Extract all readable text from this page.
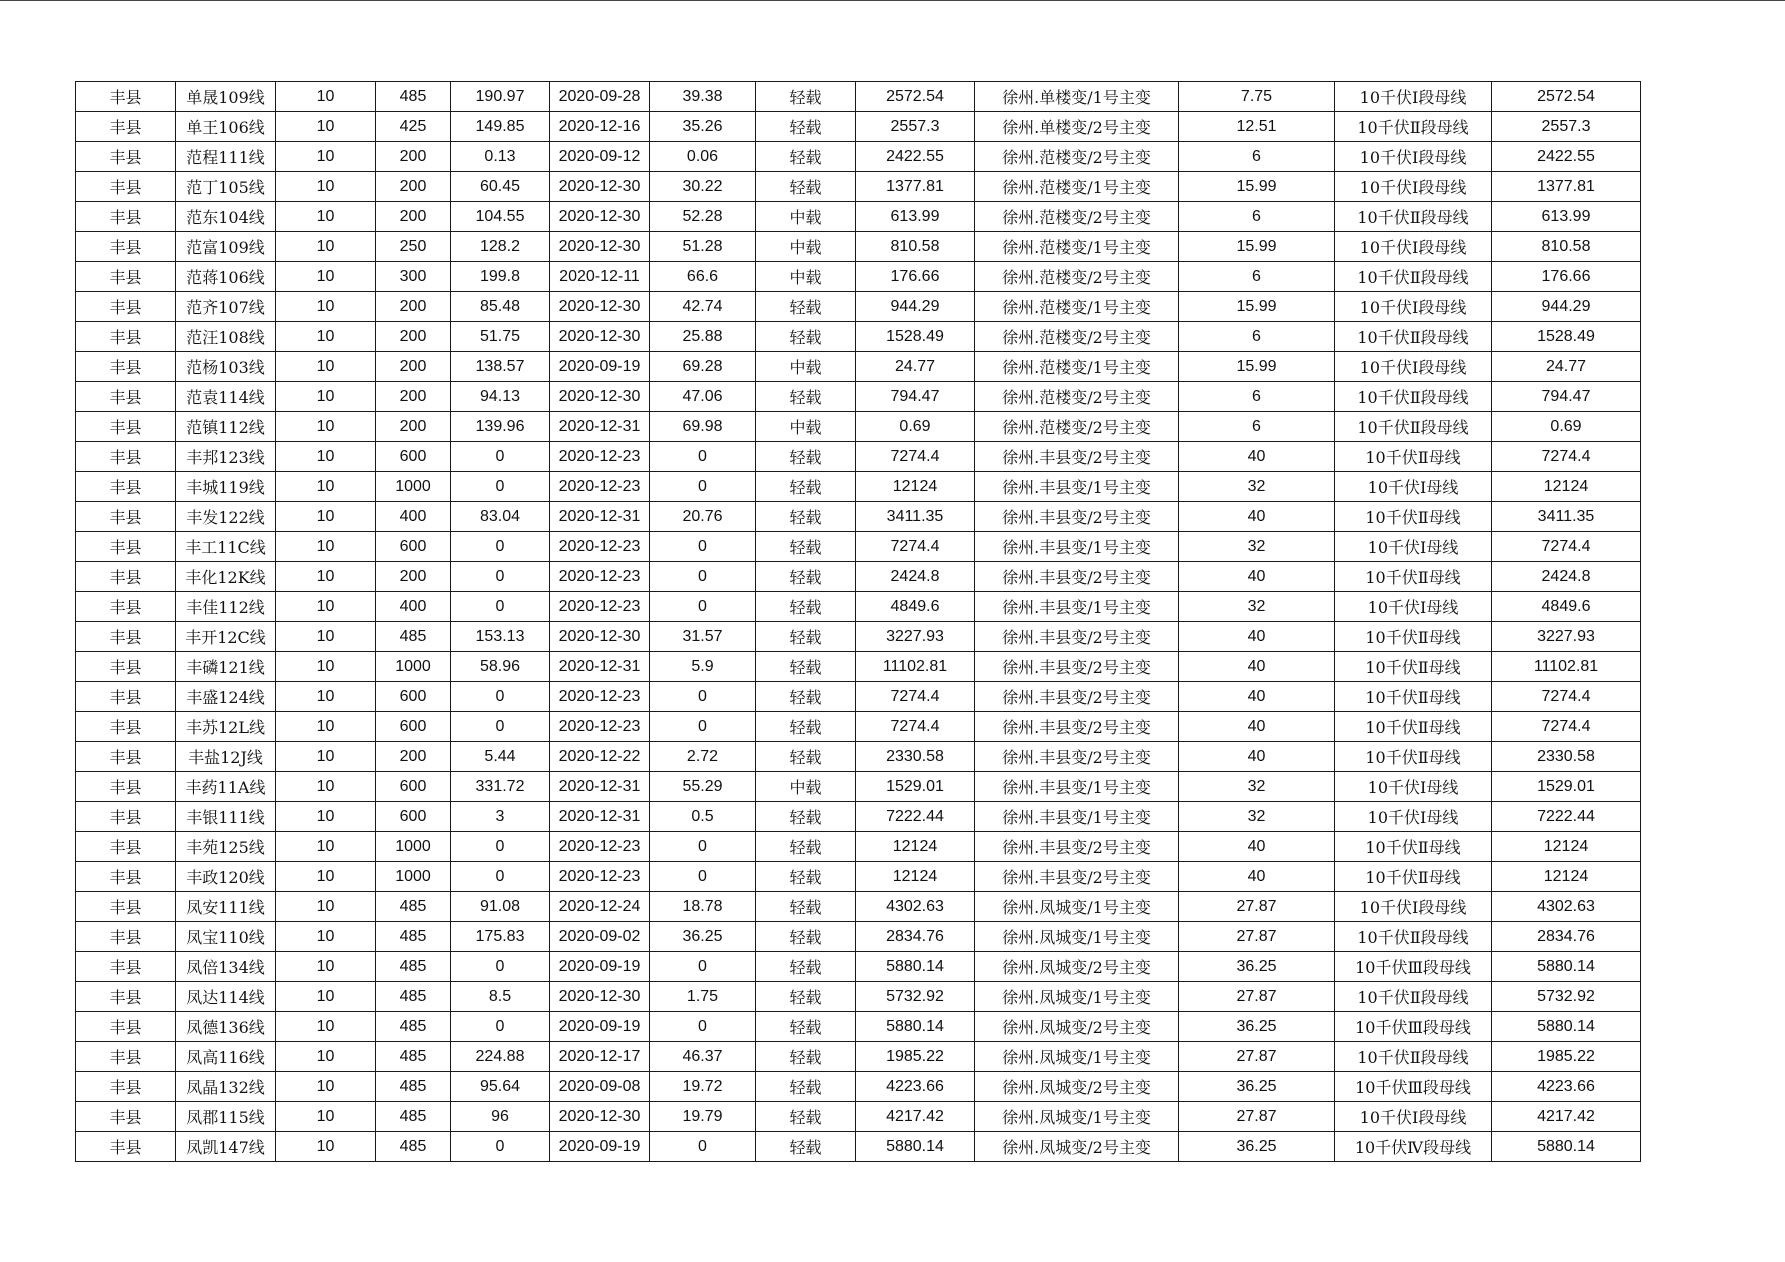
丰县	单晟109线	10	485	190.97	2020-09-28	39.38	轻载	2572.54	徐州.单楼变/1号主变	7.75	10千伏Ⅰ段母线	2572.54
丰县	单王106线	10	425	149.85	2020-12-16	35.26	轻载	2557.3	徐州.单楼变/2号主变	12.51	10千伏Ⅱ段母线	2557.3
丰县	范程111线	10	200	0.13	2020-09-12	0.06	轻载	2422.55	徐州.范楼变/2号主变	6	10千伏Ⅰ段母线	2422.55
丰县	范丁105线	10	200	60.45	2020-12-30	30.22	轻载	1377.81	徐州.范楼变/1号主变	15.99	10千伏Ⅰ段母线	1377.81
丰县	范东104线	10	200	104.55	2020-12-30	52.28	中载	613.99	徐州.范楼变/2号主变	6	10千伏Ⅱ段母线	613.99
丰县	范富109线	10	250	128.2	2020-12-30	51.28	中载	810.58	徐州.范楼变/1号主变	15.99	10千伏Ⅰ段母线	810.58
丰县	范蒋106线	10	300	199.8	2020-12-11	66.6	中载	176.66	徐州.范楼变/2号主变	6	10千伏Ⅱ段母线	176.66
丰县	范齐107线	10	200	85.48	2020-12-30	42.74	轻载	944.29	徐州.范楼变/1号主变	15.99	10千伏Ⅰ段母线	944.29
丰县	范汪108线	10	200	51.75	2020-12-30	25.88	轻载	1528.49	徐州.范楼变/2号主变	6	10千伏Ⅱ段母线	1528.49
丰县	范杨103线	10	200	138.57	2020-09-19	69.28	中载	24.77	徐州.范楼变/1号主变	15.99	10千伏Ⅰ段母线	24.77
丰县	范袁114线	10	200	94.13	2020-12-30	47.06	轻载	794.47	徐州.范楼变/2号主变	6	10千伏Ⅱ段母线	794.47
丰县	范镇112线	10	200	139.96	2020-12-31	69.98	中载	0.69	徐州.范楼变/2号主变	6	10千伏Ⅱ段母线	0.69
丰县	丰邦123线	10	600	0	2020-12-23	0	轻载	7274.4	徐州.丰县变/2号主变	40	10千伏Ⅱ母线	7274.4
丰县	丰城119线	10	1000	0	2020-12-23	0	轻载	12124	徐州.丰县变/1号主变	32	10千伏Ⅰ母线	12124
丰县	丰发122线	10	400	83.04	2020-12-31	20.76	轻载	3411.35	徐州.丰县变/2号主变	40	10千伏Ⅱ母线	3411.35
丰县	丰工11C线	10	600	0	2020-12-23	0	轻载	7274.4	徐州.丰县变/1号主变	32	10千伏Ⅰ母线	7274.4
丰县	丰化12K线	10	200	0	2020-12-23	0	轻载	2424.8	徐州.丰县变/2号主变	40	10千伏Ⅱ母线	2424.8
丰县	丰佳112线	10	400	0	2020-12-23	0	轻载	4849.6	徐州.丰县变/1号主变	32	10千伏Ⅰ母线	4849.6
丰县	丰开12C线	10	485	153.13	2020-12-30	31.57	轻载	3227.93	徐州.丰县变/2号主变	40	10千伏Ⅱ母线	3227.93
丰县	丰磷121线	10	1000	58.96	2020-12-31	5.9	轻载	11102.81	徐州.丰县变/2号主变	40	10千伏Ⅱ母线	11102.81
丰县	丰盛124线	10	600	0	2020-12-23	0	轻载	7274.4	徐州.丰县变/2号主变	40	10千伏Ⅱ母线	7274.4
丰县	丰苏12L线	10	600	0	2020-12-23	0	轻载	7274.4	徐州.丰县变/2号主变	40	10千伏Ⅱ母线	7274.4
丰县	丰盐12J线	10	200	5.44	2020-12-22	2.72	轻载	2330.58	徐州.丰县变/2号主变	40	10千伏Ⅱ母线	2330.58
丰县	丰药11A线	10	600	331.72	2020-12-31	55.29	中载	1529.01	徐州.丰县变/1号主变	32	10千伏Ⅰ母线	1529.01
丰县	丰银111线	10	600	3	2020-12-31	0.5	轻载	7222.44	徐州.丰县变/1号主变	32	10千伏Ⅰ母线	7222.44
丰县	丰苑125线	10	1000	0	2020-12-23	0	轻载	12124	徐州.丰县变/2号主变	40	10千伏Ⅱ母线	12124
丰县	丰政120线	10	1000	0	2020-12-23	0	轻载	12124	徐州.丰县变/2号主变	40	10千伏Ⅱ母线	12124
丰县	凤安111线	10	485	91.08	2020-12-24	18.78	轻载	4302.63	徐州.凤城变/1号主变	27.87	10千伏Ⅰ段母线	4302.63
丰县	凤宝110线	10	485	175.83	2020-09-02	36.25	轻载	2834.76	徐州.凤城变/1号主变	27.87	10千伏Ⅱ段母线	2834.76
丰县	凤倍134线	10	485	0	2020-09-19	0	轻载	5880.14	徐州.凤城变/2号主变	36.25	10千伏Ⅲ段母线	5880.14
丰县	凤达114线	10	485	8.5	2020-12-30	1.75	轻载	5732.92	徐州.凤城变/1号主变	27.87	10千伏Ⅱ段母线	5732.92
丰县	凤德136线	10	485	0	2020-09-19	0	轻载	5880.14	徐州.凤城变/2号主变	36.25	10千伏Ⅲ段母线	5880.14
丰县	凤高116线	10	485	224.88	2020-12-17	46.37	轻载	1985.22	徐州.凤城变/1号主变	27.87	10千伏Ⅱ段母线	1985.22
丰县	凤晶132线	10	485	95.64	2020-09-08	19.72	轻载	4223.66	徐州.凤城变/2号主变	36.25	10千伏Ⅲ段母线	4223.66
丰县	凤郡115线	10	485	96	2020-12-30	19.79	轻载	4217.42	徐州.凤城变/1号主变	27.87	10千伏Ⅰ段母线	4217.42
丰县	凤凯147线	10	485	0	2020-09-19	0	轻载	5880.14	徐州.凤城变/2号主变	36.25	10千伏Ⅳ段母线	5880.14
